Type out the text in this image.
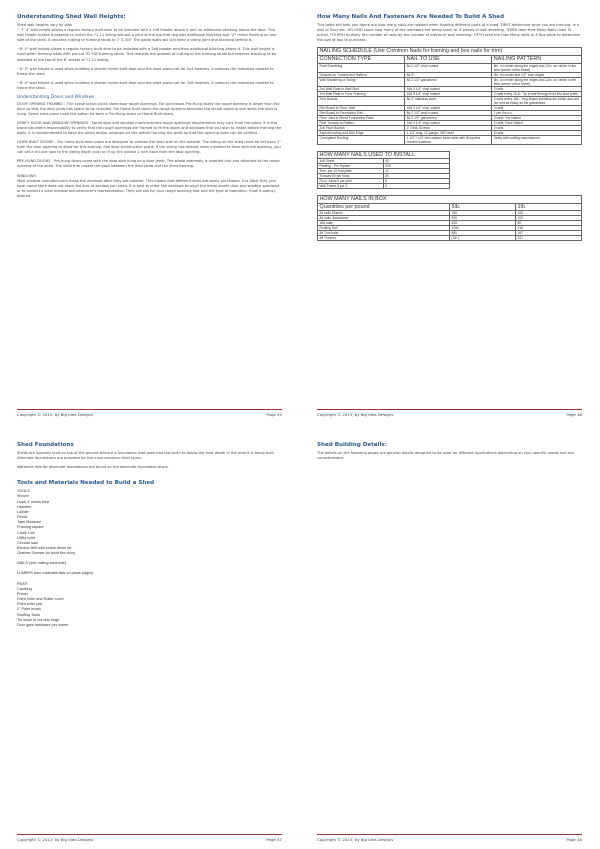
Understanding Shed Wall Heights:

Shed wall heights vary by plan
~ 7'-3" wall height allows a regular factory built door to be installed with a 2x6 header above it and no additional blocking above the door. This wall height makes it possible to install the T1-11 siding without a joint at the top that requires additional blocking and "Z" metal flashing on one side of the shed. It requires cutting of framing studs to 7' 3-3/4" The gable walls will still need a siding joint and blocking behind it.

~8'-0" wall height allows a regular factory built door to be installed with a 2x6 header and then additional blocking above it. This wall height is used when framing walls with pre-cut 92 5/8"framing studs. This reduces the amount of cutting of the framing studs but requires blocking to be installed at the top of the 8' sheets of T1-11 siding.

~6'-5" wall height is used when building a shorter home built door and the shed plans call for 2x4 headers. It reduces the materials needed to frame the shed.

~6'-4" wall height is used when building a shorter home built door and the shed plans call for 2x6 headers. It reduces the materials needed to frame the shed.

Understanding Doors and Windows

DOOR OPENING FRAMING - The construction plans show door rough openings. For purchased Pre-Hung doors the rough opening is larger than the door so that the door jamb has space to be installed. For Home Built doors the rough opening becomes the actual opening size when the door is hung. Some shed plans have the option for both a Pre-Hung doors or Home Built doors.

VERIFY DOOR AND WINDOW OPENINGS - Some door and window manufacturers rough openings requirements may vary from the plans. It is the owners/builders responsibility to verify that the rough openings are framed to fit the doors and windows that you plan to install before framing the walls. It is recommended to have the doors and/or windows on site before framing the walls so that the opening sizes can be verified.

HOME BUILT DOORS - Our home built door plans are designed to overlap the shed wall on the outside. The siding on the shed must be left back 1" from the door opening to allow for this overlap. See door construction plans. If the siding has already been installed to flush with the opening, you can set a circular saw to the siding depth and run it up the outline 1 inch back from the door opening.

PRE-HUNG DOORS - Pre-hung doors come with the door slab hung on a door jamb. The whole assembly is inserted into and attached to the rough opening of the shed. The shed trim covers the gaps between the door jamb and the shed framing.

WINDOWS
Most window manufacturers make the windows after they are ordered. This means that different sizes are easily purchased. It is likely that your local home store does not stock the size of window you need. It is best to order the windows through the home stores door and window specialist or to contact a local window manufacturer's representative. They will ask for your rough opening size and the type of operation, (how it opens), desired.

Copyright © 2013, by Big Idea Designs	Page 45
How Many Nails And Fasteners Are Needed To Build A Shed

This table will help you figure out how many nails are needed when framing different parts of a shed. FIRST determine what you are framing, ie a wall or floor etc. SECOND count how many of the members are being used, ie. 8 pieces of wall sheeting. THIRD read How Many Nails Used To Install. FOURTH multiply the number of nails by the number of pieces of wall sheeting. FIFTH read the How Many Nails In A Box table to determine the size of box to purchase.

NAILING SCHEDULE (Use Common Nails for framing and box nails for trim)		
CONNECTION TYPE	NAIL TO USE	NAILING PATTERN
Roof Sheathing	8d 2-1/2" vinyl coated	6in. on center along the edges and 12in. on center in the field (center of the sheet)
Gussets on Trusses and Rafters	8d 2"	2in. on center and 1/2" from edges
Wall Sheathing or Siding	8d 2-1/2" galvanized	6in. on center along the edges and 12in. on center in the field (center of the sheet)
2x4 Wall Plate to Wall Stud	16d 3 1/4" vinyl coated	2 nails
2x4 Wall Plate to Floor Framing	16d 3 1/4" vinyl coated	2 nails every 16 in. Try to nail through floor into floor joists
Trim Boards	8d 2" stainless steel	2 nails every 16in. "ring-shank stainless are better and will not rust as easily as the galvanized
Rim Board to Floor Joist	16d 3 1/4" vinyl coated	3 nails
Rim Board to Foundation Rail	8d 2-1/2" vinyl coated	1 per 6in o.c.
Floor Joist to Wood Foundation Rails	8d 2-1/2" galvanized	3 nails, Toe Nailed
Roof Trusses to Rafters	16d 3 1/4" vinyl coated	2 nails, Face Nailed
2x6 Floor Boards	2" Deck Screws	2 nails
Asphalt roofing and Drip Edge	1 1/4" long, 12-gauge, 3/8" head	5 nails
Corrugated Roofing	1 1/2"+ 1/4" Hex washer head steel with Neoprene bonded washers	Verify with roofing manufacturer
HOW MANY NAILS USED TO INSTALL	
4x8 Sheet	50
Roofing - Per Square	320
Trim, per 10 foot plate	11
Trusses 50 per truss	50
Floor Joists 6 per joist	6
Wall Frame 5 per 5	5
HOW MANY NAILS IN BOX		
Quantities per pound	5lb.	1lb.
8d nails Sinkers	765	106
8d nails Galvanized	500	100
16d nails	405	80
Roofing Nail	1090	218
8d Trim nails	850	167
#8 Trimmer	(1lb.)	527
Copyright © 2013, by Big Idea Designs	Page 46
Shed Foundations

Sheds are typically built on top of the ground without a foundation that goes into the earth to below the frost depth in the area it is being built. Alternate foundations are provided for the most common shed types.

Materials lists for alternate foundations are found on the alternate foundation plans.

Tools and Materials Needed to Build a Shed
TOOLS
Shovel
Level 4' works best
Hammer
Ladder
Pencil
Tape Measure
Framing square
Chalk Line
Utility knife
Circular saw
Electric Drill with screw driver bit
Grabber Screws (to build the door)
NAILS (see nailing schedule)
LUMBER (see materials lists on plans pages)
PAINT
Caulking
Primer
Paint roller and Roller cover
Paint roller pan
2" Paint brush
Roofing Tools
Tin snips to cut drip edge
Door gate hardware per owner
Copyright © 2013, by Big Idea Designs	Page 47
Shed Building Details:

The details on the following pages are general details designed to be used for different applications depending on your specific needs and site considerations.

Copyright © 2013, by Big Idea Designs	Page 48
